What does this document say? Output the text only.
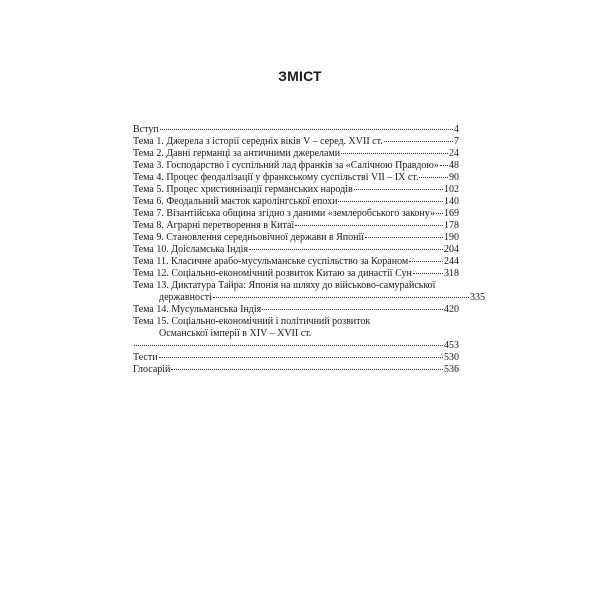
ЗМІСТ
Вступ	4
Тема 1. Джерела з історії середніх віків V – серед. XVII ст.	7
Тема 2. Давні германці за античними джерелами	24
Тема 3. Господарство і суспільний лад франків за «Салічною Правдою» 48
Тема 4. Процес феодалізації у франкському суспільстві VII – IX ст.	90
Тема 5. Процес християнізації германських народів	102
Тема 6. Феодальний маєток каролінгської епохи	140
Тема 7. Візантійська община згідно з даними «землеробського закону» 169
Тема 8. Аграрні перетворення в Китаї	178
Тема 9. Становлення середньовічної держави в Японії	190
Тема 10. Доісламська Індія	204
Тема 11. Класичне арабо-мусульманське суспільство за Кораном	244
Тема 12. Соціально-економічний розвиток Китаю за династії Сун	318
Тема 13. Диктатура Тайра: Японія на шляху до військово-самурайської
державності	335
Тема 14. Мусульманська Індія	420
Тема 15. Соціально-економічний і політичний розвиток
Османської імперії в XIV – XVII ст.
453
Тести	530
Глосарій	536
